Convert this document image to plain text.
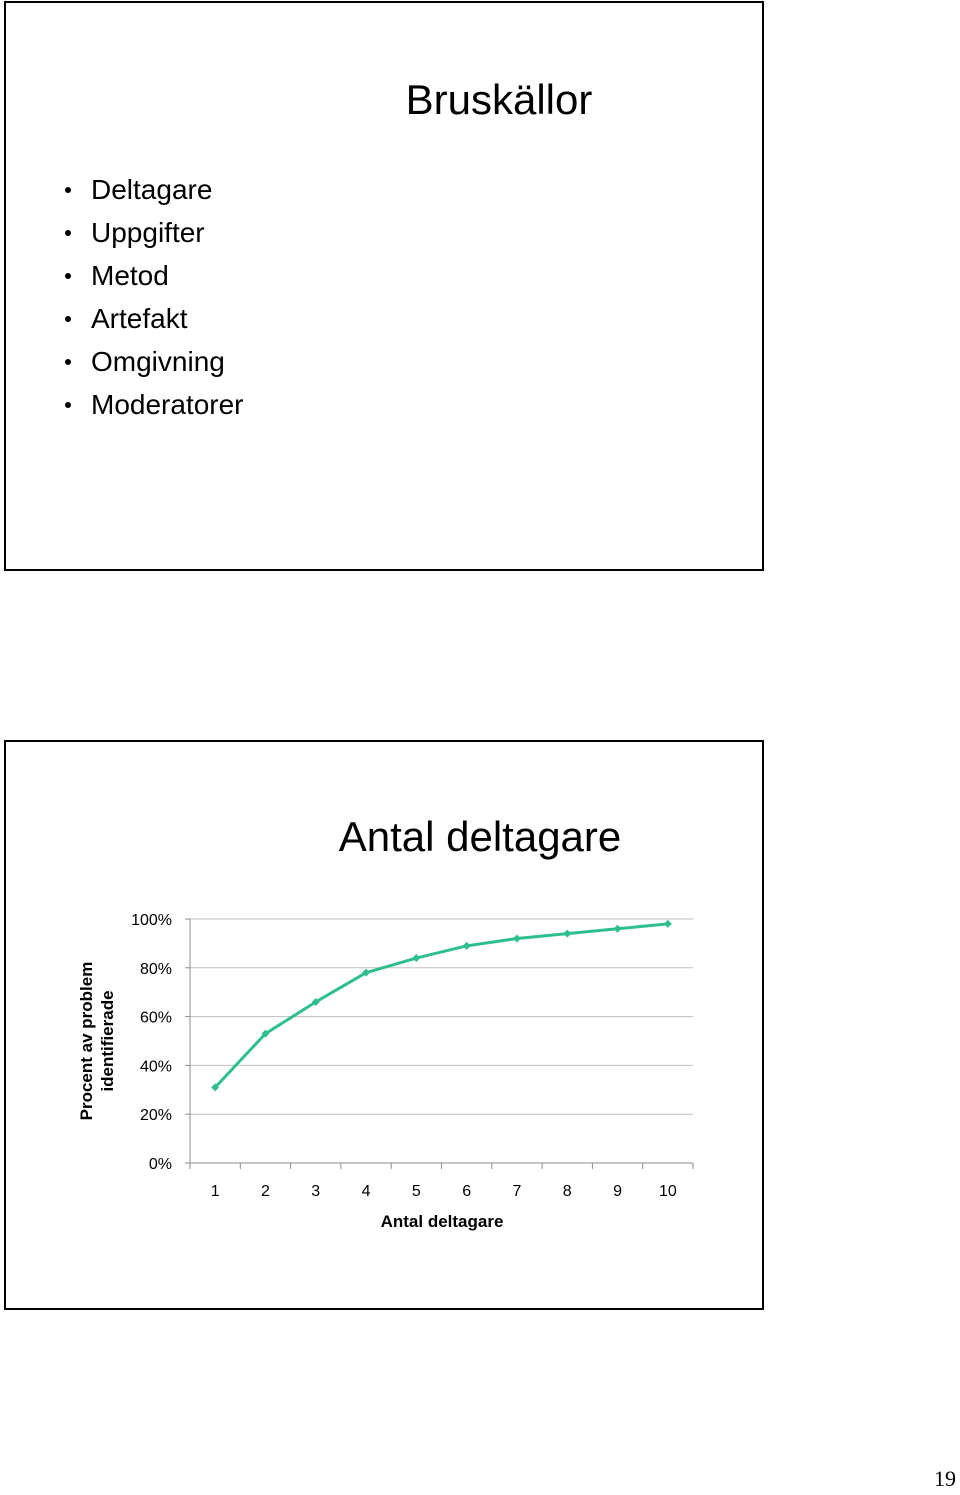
Bruskällor
Deltagare
Uppgifter
Metod
Artefakt
Omgivning
Moderatorer
Antal deltagare
100%
80%
60%
40%
20%
0%
1	2	3	4	5	6	7	8	9 10
Antal deltagare
Procent av problem identifierade
19
